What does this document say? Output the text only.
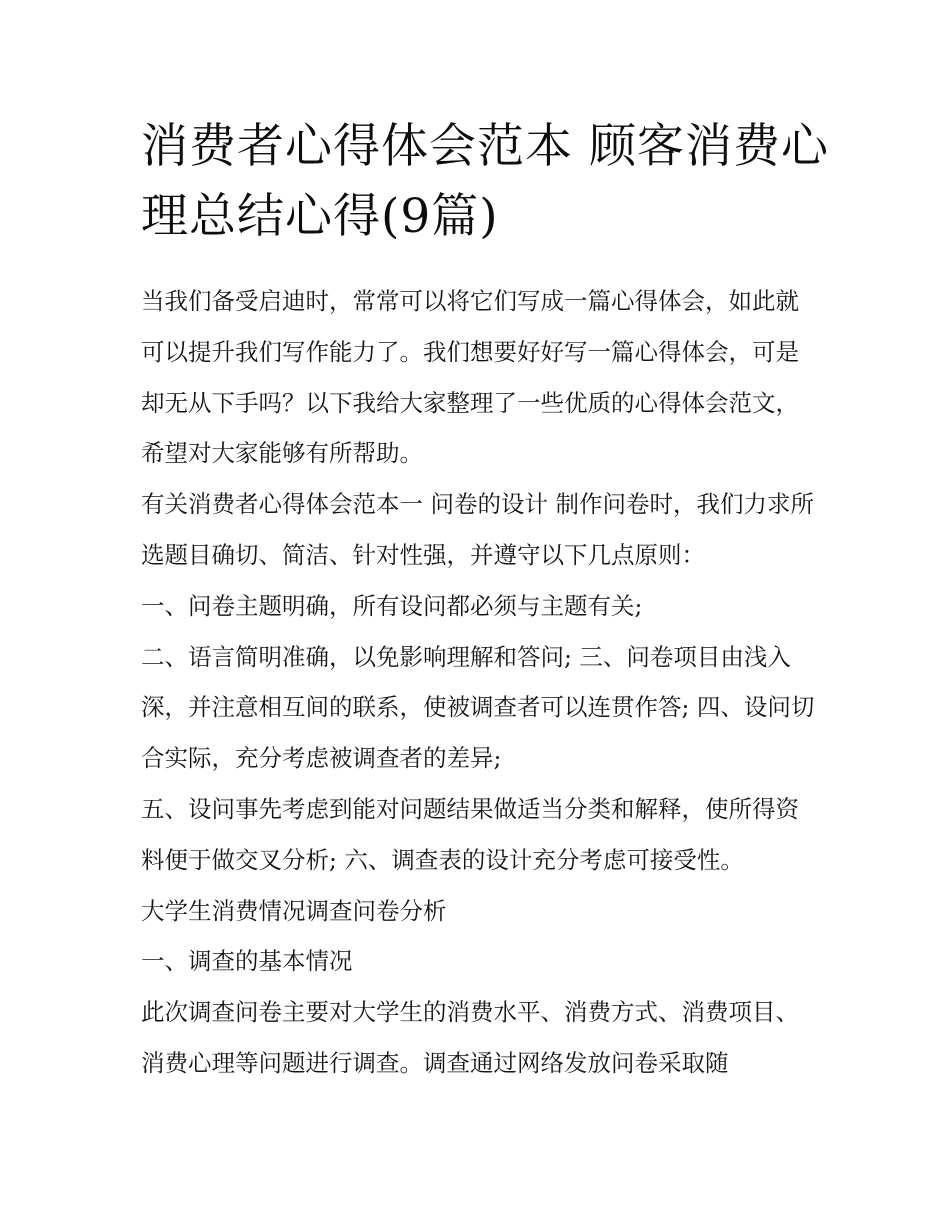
消费者心得体会范本 顾客消费心理总结心得(9篇)

当我们备受启迪时，常常可以将它们写成一篇心得体会，如此就可以提升我们写作能力了。我们想要好好写一篇心得体会，可是却无从下手吗？以下我给大家整理了一些优质的心得体会范文，希望对大家能够有所帮助。

有关消费者心得体会范本一 问卷的设计 制作问卷时，我们力求所选题目确切、简洁、针对性强，并遵守以下几点原则：

一、问卷主题明确，所有设问都必须与主题有关;

二、语言简明准确，以免影响理解和答问; 三、问卷项目由浅入深，并注意相互间的联系，使被调查者可以连贯作答; 四、设问切合实际，充分考虑被调查者的差异;

五、设问事先考虑到能对问题结果做适当分类和解释，使所得资料便于做交叉分析; 六、调查表的设计充分考虑可接受性。

大学生消费情况调查问卷分析

一、调查的基本情况

此次调查问卷主要对大学生的消费水平、消费方式、消费项目、消费心理等问题进行调查。调查通过网络发放问卷采取随
